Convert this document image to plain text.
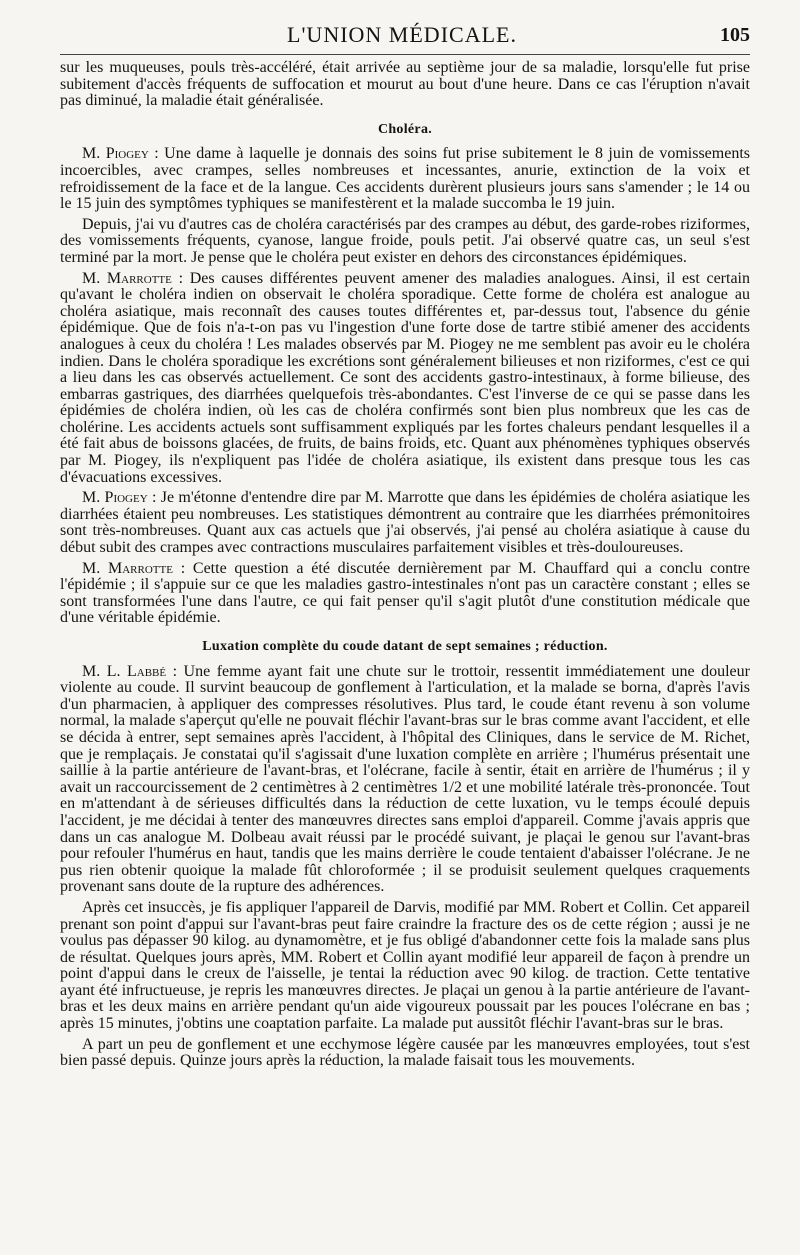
L'UNION MÉDICALE.	105

sur les muqueuses, pouls très-accéléré, était arrivée au septième jour de sa maladie, lorsqu'elle fut prise subitement d'accès fréquents de suffocation et mourut au bout d'une heure. Dans ce cas l'éruption n'avait pas diminué, la maladie était généralisée.

Choléra.

M. Piogey : Une dame à laquelle je donnais des soins fut prise subitement le 8 juin de vomissements incoercibles, avec crampes, selles nombreuses et incessantes, anurie, extinction de la voix et refroidissement de la face et de la langue. Ces accidents durèrent plusieurs jours sans s'amender ; le 14 ou le 15 juin des symptômes typhiques se manifestèrent et la malade succomba le 19 juin.

Depuis, j'ai vu d'autres cas de choléra caractérisés par des crampes au début, des garde-robes riziformes, des vomissements fréquents, cyanose, langue froide, pouls petit. J'ai observé quatre cas, un seul s'est terminé par la mort. Je pense que le choléra peut exister en dehors des circonstances épidémiques.

M. Marrotte : Des causes différentes peuvent amener des maladies analogues. Ainsi, il est certain qu'avant le choléra indien on observait le choléra sporadique. Cette forme de choléra est analogue au choléra asiatique, mais reconnaît des causes toutes différentes et, par-dessus tout, l'absence du génie épidémique. Que de fois n'a-t-on pas vu l'ingestion d'une forte dose de tartre stibié amener des accidents analogues à ceux du choléra ! Les malades observés par M. Piogey ne me semblent pas avoir eu le choléra indien. Dans le choléra sporadique les excrétions sont généralement bilieuses et non riziformes, c'est ce qui a lieu dans les cas observés actuellement. Ce sont des accidents gastro-intestinaux, à forme bilieuse, des embarras gastriques, des diarrhées quelquefois très-abondantes. C'est l'inverse de ce qui se passe dans les épidémies de choléra indien, où les cas de choléra confirmés sont bien plus nombreux que les cas de cholérine. Les accidents actuels sont suffisamment expliqués par les fortes chaleurs pendant lesquelles il a été fait abus de boissons glacées, de fruits, de bains froids, etc. Quant aux phénomènes typhiques observés par M. Piogey, ils n'expliquent pas l'idée de choléra asiatique, ils existent dans presque tous les cas d'évacuations excessives.

M. Piogey : Je m'étonne d'entendre dire par M. Marrotte que dans les épidémies de choléra asiatique les diarrhées étaient peu nombreuses. Les statistiques démontrent au contraire que les diarrhées prémonitoires sont très-nombreuses. Quant aux cas actuels que j'ai observés, j'ai pensé au choléra asiatique à cause du début subit des crampes avec contractions musculaires parfaitement visibles et très-douloureuses.

M. Marrotte : Cette question a été discutée dernièrement par M. Chauffard qui a conclu contre l'épidémie ; il s'appuie sur ce que les maladies gastro-intestinales n'ont pas un caractère constant ; elles se sont transformées l'une dans l'autre, ce qui fait penser qu'il s'agit plutôt d'une constitution médicale que d'une véritable épidémie.

Luxation complète du coude datant de sept semaines ; réduction.

M. L. Labbé : Une femme ayant fait une chute sur le trottoir, ressentit immédiatement une douleur violente au coude. Il survint beaucoup de gonflement à l'articulation, et la malade se borna, d'après l'avis d'un pharmacien, à appliquer des compresses résolutives. Plus tard, le coude étant revenu à son volume normal, la malade s'aperçut qu'elle ne pouvait fléchir l'avant-bras sur le bras comme avant l'accident, et elle se décida à entrer, sept semaines après l'accident, à l'hôpital des Cliniques, dans le service de M. Richet, que je remplaçais. Je constatai qu'il s'agissait d'une luxation complète en arrière ; l'humérus présentait une saillie à la partie antérieure de l'avant-bras, et l'olécrane, facile à sentir, était en arrière de l'humérus ; il y avait un raccourcissement de 2 centimètres à 2 centimètres 1/2 et une mobilité latérale très-prononcée. Tout en m'attendant à de sérieuses difficultés dans la réduction de cette luxation, vu le temps écoulé depuis l'accident, je me décidai à tenter des manœuvres directes sans emploi d'appareil. Comme j'avais appris que dans un cas analogue M. Dolbeau avait réussi par le procédé suivant, je plaçai le genou sur l'avant-bras pour refouler l'humérus en haut, tandis que les mains derrière le coude tentaient d'abaisser l'olécrane. Je ne pus rien obtenir quoique la malade fût chloroformée ; il se produisit seulement quelques craquements provenant sans doute de la rupture des adhérences.

Après cet insuccès, je fis appliquer l'appareil de Darvis, modifié par MM. Robert et Collin. Cet appareil prenant son point d'appui sur l'avant-bras peut faire craindre la fracture des os de cette région ; aussi je ne voulus pas dépasser 90 kilog. au dynamomètre, et je fus obligé d'abandonner cette fois la malade sans plus de résultat. Quelques jours après, MM. Robert et Collin ayant modifié leur appareil de façon à prendre un point d'appui dans le creux de l'aisselle, je tentai la réduction avec 90 kilog. de traction. Cette tentative ayant été infructueuse, je repris les manœuvres directes. Je plaçai un genou à la partie antérieure de l'avant-bras et les deux mains en arrière pendant qu'un aide vigoureux poussait par les pouces l'olécrane en bas ; après 15 minutes, j'obtins une coaptation parfaite. La malade put aussitôt fléchir l'avant-bras sur le bras.

A part un peu de gonflement et une ecchymose légère causée par les manœuvres employées, tout s'est bien passé depuis. Quinze jours après la réduction, la malade faisait tous les mouvements.
